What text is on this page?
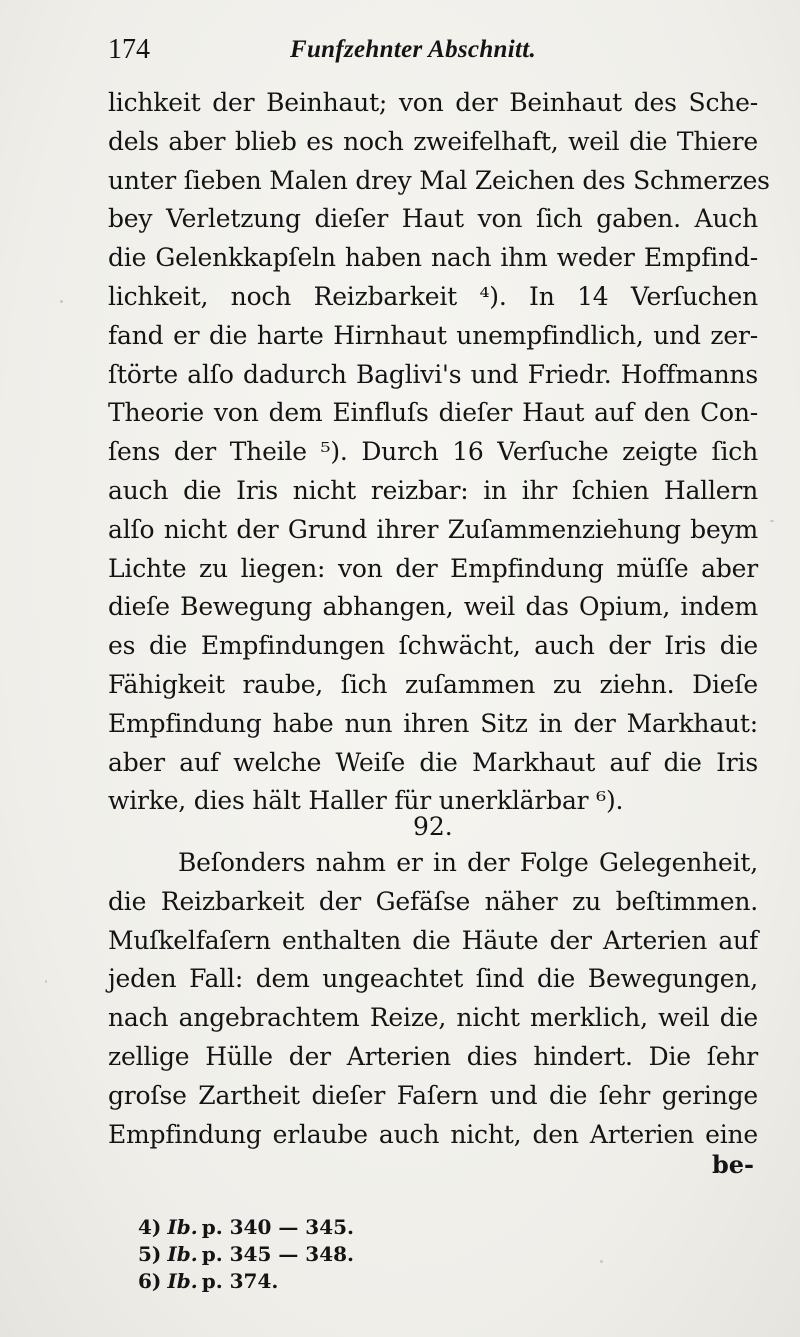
174	Funfzehnter Abschnitt.
lichkeit der Beinhaut; von der Beinhaut des Sche-
dels aber blieb es noch zweifelhaft, weil die Thiere
unter ſieben Malen drey Mal Zeichen des Schmerzes
bey Verletzung dieſer Haut von ſich gaben. Auch
die Gelenkkapſeln haben nach ihm weder Empfind-
lichkeit, noch Reizbarkeit ⁴). In 14 Verſuchen
fand er die harte Hirnhaut unempfindlich, und zer-
ſtörte alſo dadurch Baglivi's und Friedr. Hoffmanns
Theorie von dem Einfluſs dieſer Haut auf den Con-
ſens der Theile ⁵). Durch 16 Verſuche zeigte ſich
auch die Iris nicht reizbar: in ihr ſchien Hallern
alſo nicht der Grund ihrer Zuſammenziehung beym
Lichte zu liegen: von der Empfindung müſſe aber
dieſe Bewegung abhangen, weil das Opium, indem
es die Empfindungen ſchwächt, auch der Iris die
Fähigkeit raube, ſich zuſammen zu ziehn. Dieſe
Empfindung habe nun ihren Sitz in der Markhaut:
aber auf welche Weiſe die Markhaut auf die Iris
wirke, dies hält Haller für unerklärbar ⁶).
92.
Beſonders nahm er in der Folge Gelegenheit,
die Reizbarkeit der Gefäſse näher zu beſtimmen.
Muſkelfaſern enthalten die Häute der Arterien auf
jeden Fall: dem ungeachtet ſind die Bewegungen,
nach angebrachtem Reize, nicht merklich, weil die
zellige Hülle der Arterien dies hindert. Die ſehr
groſse Zartheit dieſer Faſern und die ſehr geringe
Empfindung erlaube auch nicht, den Arterien eine
be-
4) Ib. p. 340 — 345.
5) Ib. p. 345 — 348.
6) Ib. p. 374.
